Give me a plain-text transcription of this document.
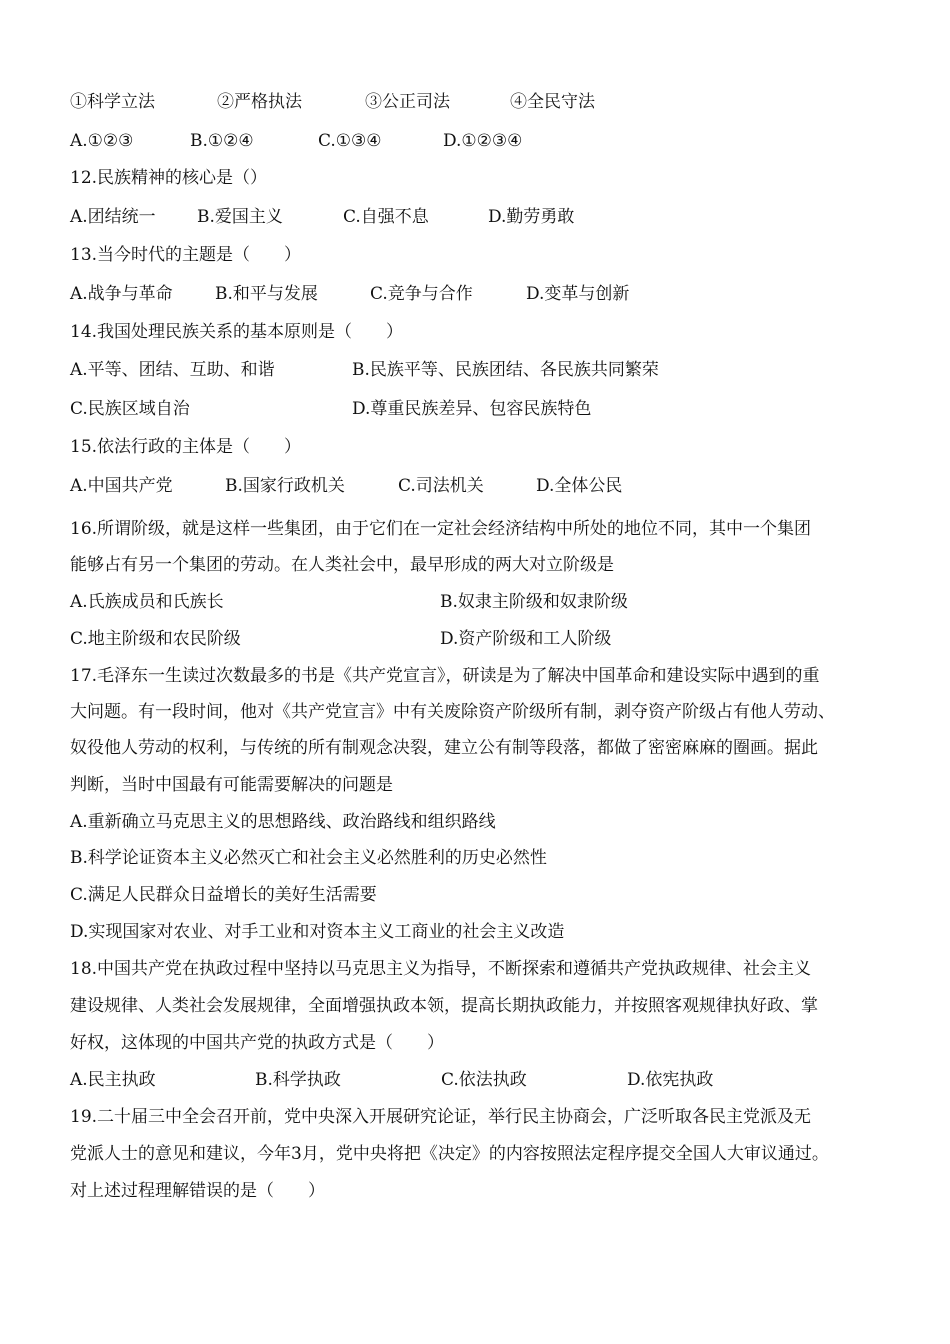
①科学立法	②严格执法	③公正司法	④全民守法
A.①②③	B.①②④	C.①③④	D.①②③④
12.民族精神的核心是（）
A.团结统一 B.爱国主义	C.自强不息	D.勤劳勇敢
13.当今时代的主题是（　　）
A.战争与革命 B.和平与发展	C.竞争与合作	D.变革与创新
14.我国处理民族关系的基本原则是（　　）
A.平等、团结、互助、和谐	B.民族平等、民族团结、各民族共同繁荣
C.民族区域自治	D.尊重民族差异、包容民族特色
15.依法行政的主体是（　　）
A.中国共产党	B.国家行政机关	C.司法机关	D.全体公民
16.所谓阶级，就是这样一些集团，由于它们在一定社会经济结构中所处的地位不同，其中一个集团
能够占有另一个集团的劳动。在人类社会中，最早形成的两大对立阶级是
A.氏族成员和氏族长	B.奴隶主阶级和奴隶阶级
C.地主阶级和农民阶级	D.资产阶级和工人阶级
17.毛泽东一生读过次数最多的书是《共产党宣言》，研读是为了解决中国革命和建设实际中遇到的重
大问题。有一段时间，他对《共产党宣言》中有关废除资产阶级所有制，剥夺资产阶级占有他人劳动、
奴役他人劳动的权利，与传统的所有制观念决裂，建立公有制等段落，都做了密密麻麻的圈画。据此
判断，当时中国最有可能需要解决的问题是
A.重新确立马克思主义的思想路线、政治路线和组织路线
B.科学论证资本主义必然灭亡和社会主义必然胜利的历史必然性
C.满足人民群众日益增长的美好生活需要
D.实现国家对农业、对手工业和对资本主义工商业的社会主义改造
18.中国共产党在执政过程中坚持以马克思主义为指导，不断探索和遵循共产党执政规律、社会主义
建设规律、人类社会发展规律，全面增强执政本领，提高长期执政能力，并按照客观规律执好政、掌
好权，这体现的中国共产党的执政方式是（　　）
A.民主执政	B.科学执政	C.依法执政	D.依宪执政
19.二十届三中全会召开前，党中央深入开展研究论证，举行民主协商会，广泛听取各民主党派及无
党派人士的意见和建议，今年3月，党中央将把《决定》的内容按照法定程序提交全国人大审议通过。
对上述过程理解错误的是（　　）
